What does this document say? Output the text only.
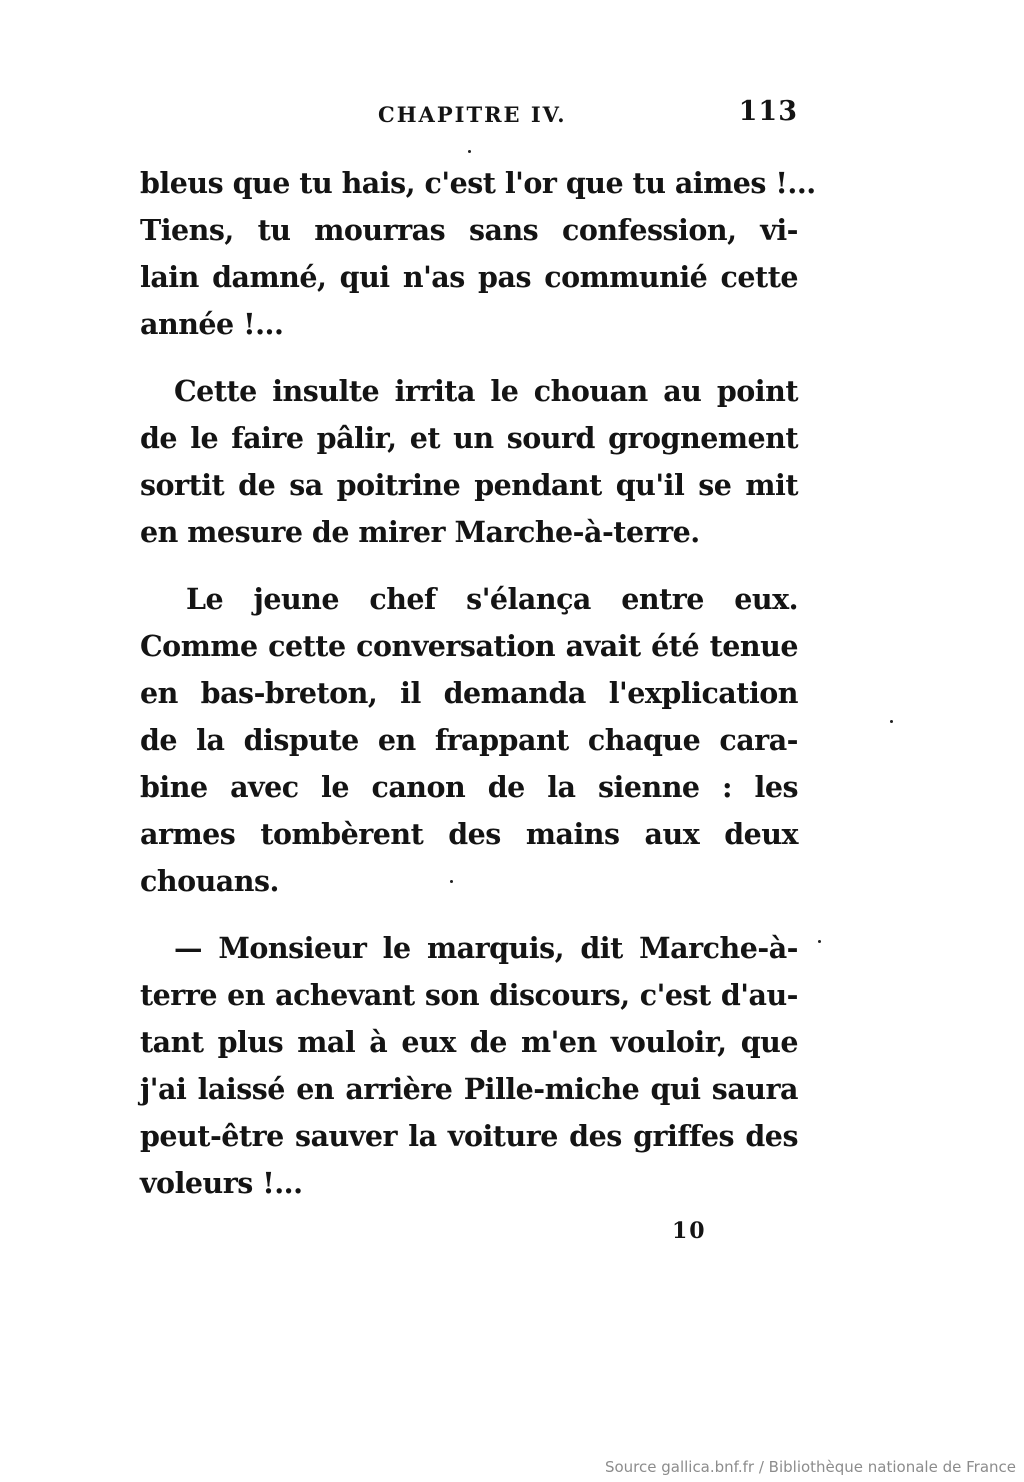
CHAPITRE IV.	113

bleus que tu hais, c'est l'or que tu aimes !...
Tiens, tu mourras sans confession, vi-
lain damné, qui n'as pas communié cette
année !...

Cette insulte irrita le chouan au point
de le faire pâlir, et un sourd grognement
sortit de sa poitrine pendant qu'il se mit
en mesure de mirer Marche-à-terre.

Le jeune chef s'élança entre eux.
Comme cette conversation avait été tenue
en bas-breton, il demanda l'explication
de la dispute en frappant chaque cara-
bine avec le canon de la sienne : les
armes tombèrent des mains aux deux
chouans.

— Monsieur le marquis, dit Marche-à-
terre en achevant son discours, c'est d'au-
tant plus mal à eux de m'en vouloir, que
j'ai laissé en arrière Pille-miche qui saura
peut-être sauver la voiture des griffes des
voleurs !...

10
Source gallica.bnf.fr / Bibliothèque nationale de France
